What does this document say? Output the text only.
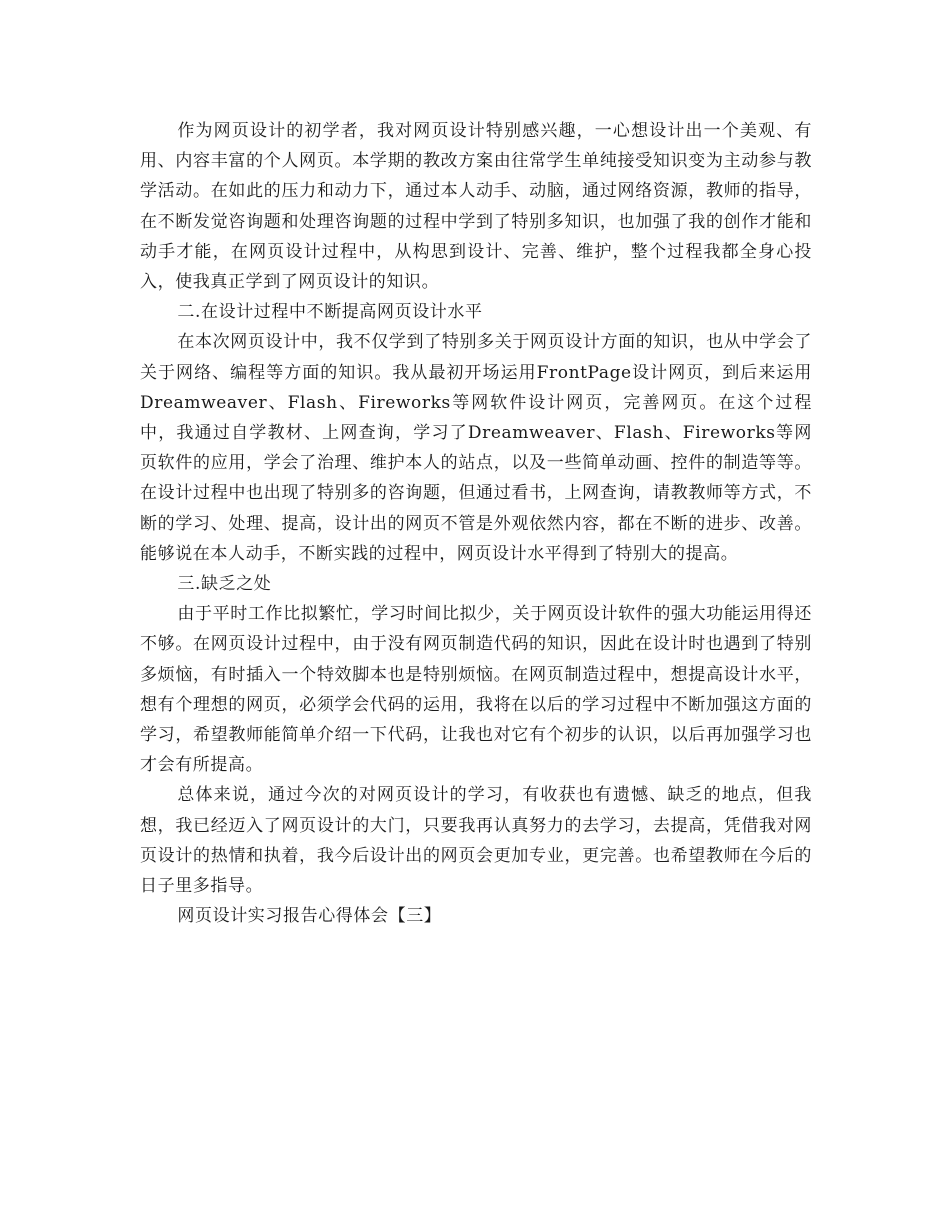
作为网页设计的初学者，我对网页设计特别感兴趣，一心想设计出一个美观、有用、内容丰富的个人网页。本学期的教改方案由往常学生单纯接受知识变为主动参与教学活动。在如此的压力和动力下，通过本人动手、动脑，通过网络资源，教师的指导，在不断发觉咨询题和处理咨询题的过程中学到了特别多知识，也加强了我的创作才能和动手才能，在网页设计过程中，从构思到设计、完善、维护，整个过程我都全身心投入，使我真正学到了网页设计的知识。

二.在设计过程中不断提高网页设计水平

在本次网页设计中，我不仅学到了特别多关于网页设计方面的知识，也从中学会了关于网络、编程等方面的知识。我从最初开场运用FrontPage设计网页，到后来运用Dreamweaver、Flash、Fireworks等网软件设计网页，完善网页。在这个过程中，我通过自学教材、上网查询，学习了Dreamweaver、Flash、Fireworks等网页软件的应用，学会了治理、维护本人的站点，以及一些简单动画、控件的制造等等。在设计过程中也出现了特别多的咨询题，但通过看书，上网查询，请教教师等方式，不断的学习、处理、提高，设计出的网页不管是外观依然内容，都在不断的进步、改善。能够说在本人动手，不断实践的过程中，网页设计水平得到了特别大的提高。

三.缺乏之处

由于平时工作比拟繁忙，学习时间比拟少，关于网页设计软件的强大功能运用得还不够。在网页设计过程中，由于没有网页制造代码的知识，因此在设计时也遇到了特别多烦恼，有时插入一个特效脚本也是特别烦恼。在网页制造过程中，想提高设计水平，想有个理想的网页，必须学会代码的运用，我将在以后的学习过程中不断加强这方面的学习，希望教师能简单介绍一下代码，让我也对它有个初步的认识，以后再加强学习也才会有所提高。

总体来说，通过今次的对网页设计的学习，有收获也有遗憾、缺乏的地点，但我想，我已经迈入了网页设计的大门，只要我再认真努力的去学习，去提高，凭借我对网页设计的热情和执着，我今后设计出的网页会更加专业，更完善。也希望教师在今后的日子里多指导。

网页设计实习报告心得体会【三】
